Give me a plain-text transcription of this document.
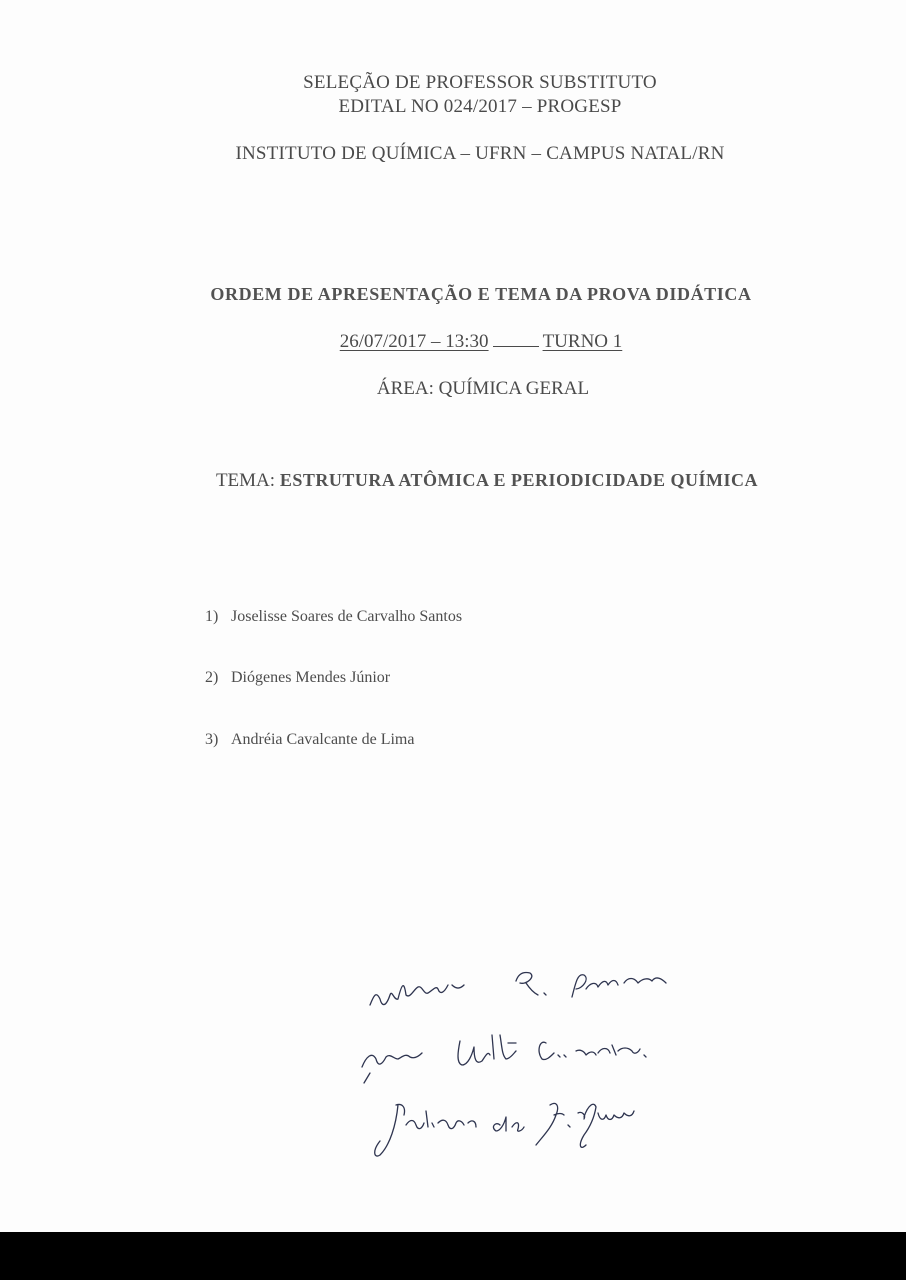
SELEÇÃO DE PROFESSOR SUBSTITUTO
EDITAL NO 024/2017 – PROGESP
INSTITUTO DE QUÍMICA – UFRN – CAMPUS NATAL/RN
ORDEM DE APRESENTAÇÃO E TEMA DA PROVA DIDÁTICA
26/07/2017 – 13:30	TURNO 1
ÁREA: QUÍMICA GERAL
TEMA: ESTRUTURA ATÔMICA E PERIODICIDADE QUÍMICA
1) Joselisse Soares de Carvalho Santos
2) Diógenes Mendes Júnior
3) Andréia Cavalcante de Lima
